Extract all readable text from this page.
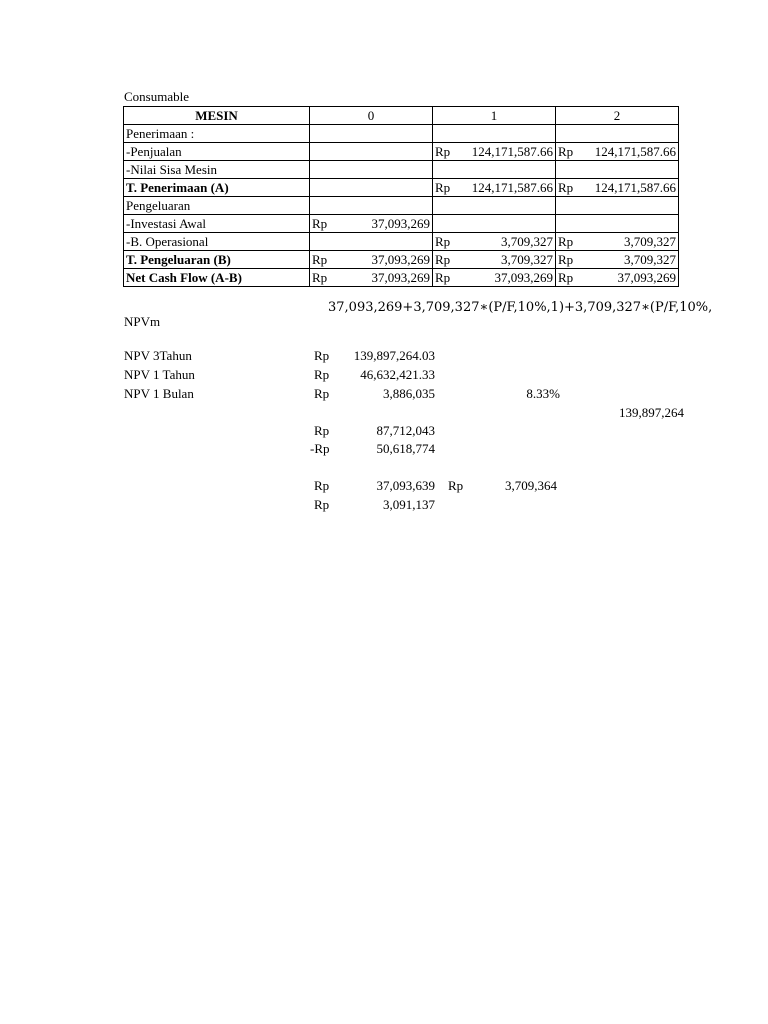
Consumable
MESIN	0	1	2
Penerimaan :			
-Penjualan		Rp 124,171,587.66	Rp 124,171,587.66

-Nilai Sisa Mesin			
T. Penerimaan (A)		Rp 124,171,587.66	Rp 124,171,587.66

Pengeluaran			
-Investasi Awal	Rp 37,093,269		

-B. Operasional		Rp 3,709,327	Rp 3,709,327

T. Pengeluaran (B)	Rp 37,093,269	Rp 3,709,327	Rp 3,709,327

Net Cash Flow (A-B)	Rp 37,093,269	Rp 37,093,269	Rp 37,093,269
37,093,269+3,709,327∗(P/F,10%,1)+3,709,327∗(P/F,10%,
NPVm
NPV 3Tahun	Rp	139,897,264.03
NPV 1 Tahun	Rp	46,632,421.33
NPV 1 Bulan	Rp	3,886,035	8.33%
139,897,264
Rp	87,712,043
-Rp	50,618,774
Rp	37,093,639 Rp	3,709,364
Rp	3,091,137
